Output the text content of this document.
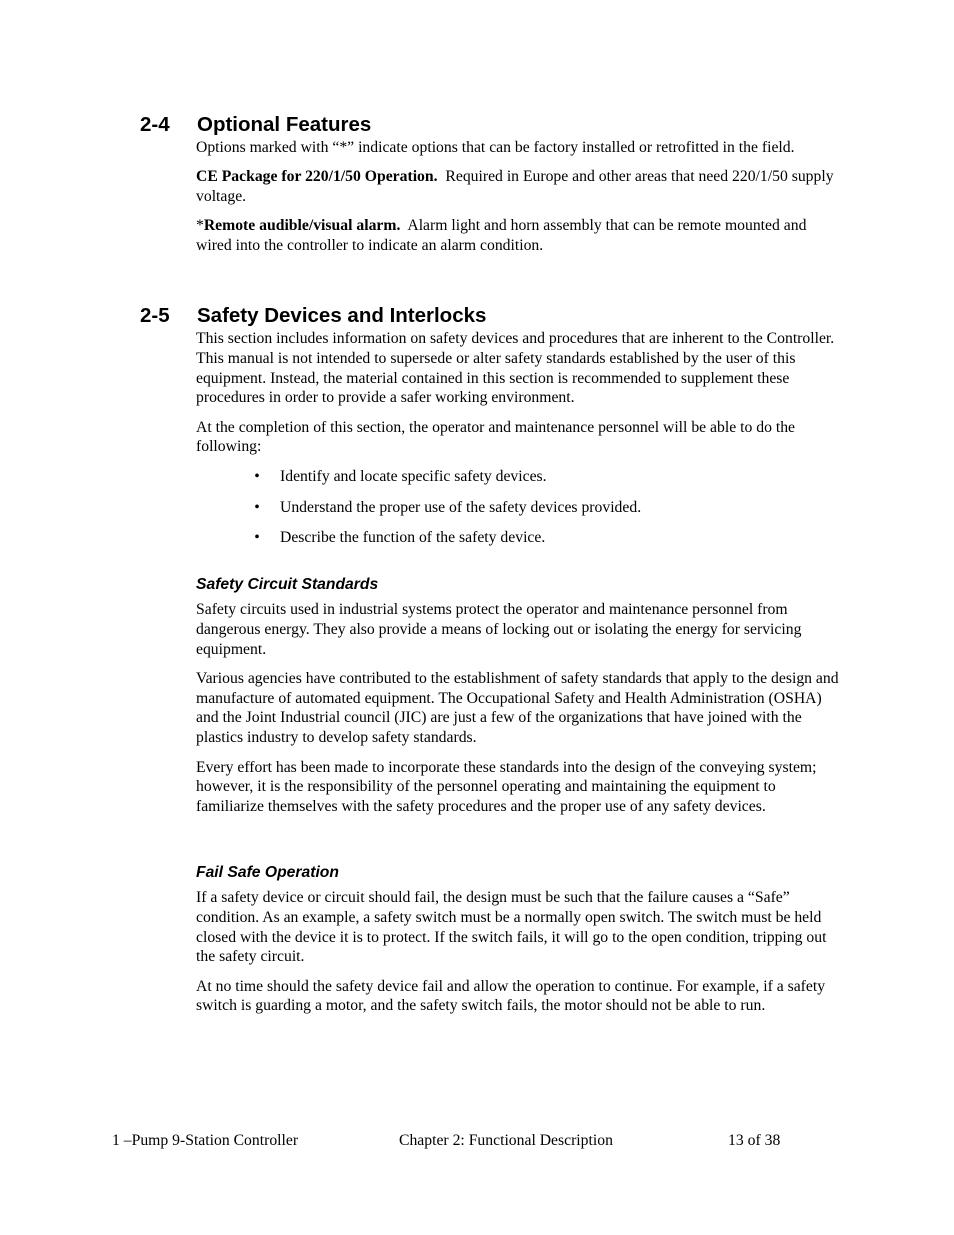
2-4 Optional Features

Options marked with “*” indicate options that can be factory installed or retrofitted in the field.

CE Package for 220/1/50 Operation. Required in Europe and other areas that need 220/1/50 supply voltage.

*Remote audible/visual alarm. Alarm light and horn assembly that can be remote mounted and wired into the controller to indicate an alarm condition.

2-5 Safety Devices and Interlocks

This section includes information on safety devices and procedures that are inherent to the Controller. This manual is not intended to supersede or alter safety standards established by the user of this equipment. Instead, the material contained in this section is recommended to supplement these procedures in order to provide a safer working environment.

At the completion of this section, the operator and maintenance personnel will be able to do the following:

• Identify and locate specific safety devices.
• Understand the proper use of the safety devices provided.
• Describe the function of the safety device.
Safety Circuit Standards

Safety circuits used in industrial systems protect the operator and maintenance personnel from dangerous energy. They also provide a means of locking out or isolating the energy for servicing equipment.

Various agencies have contributed to the establishment of safety standards that apply to the design and manufacture of automated equipment. The Occupational Safety and Health Administration (OSHA) and the Joint Industrial council (JIC) are just a few of the organizations that have joined with the plastics industry to develop safety standards.

Every effort has been made to incorporate these standards into the design of the conveying system; however, it is the responsibility of the personnel operating and maintaining the equipment to familiarize themselves with the safety procedures and the proper use of any safety devices.

Fail Safe Operation

If a safety device or circuit should fail, the design must be such that the failure causes a “Safe” condition. As an example, a safety switch must be a normally open switch. The switch must be held closed with the device it is to protect. If the switch fails, it will go to the open condition, tripping out the safety circuit.

At no time should the safety device fail and allow the operation to continue. For example, if a safety switch is guarding a motor, and the safety switch fails, the motor should not be able to run.

1 –Pump 9-Station Controller	Chapter 2: Functional Description	13 of 38
